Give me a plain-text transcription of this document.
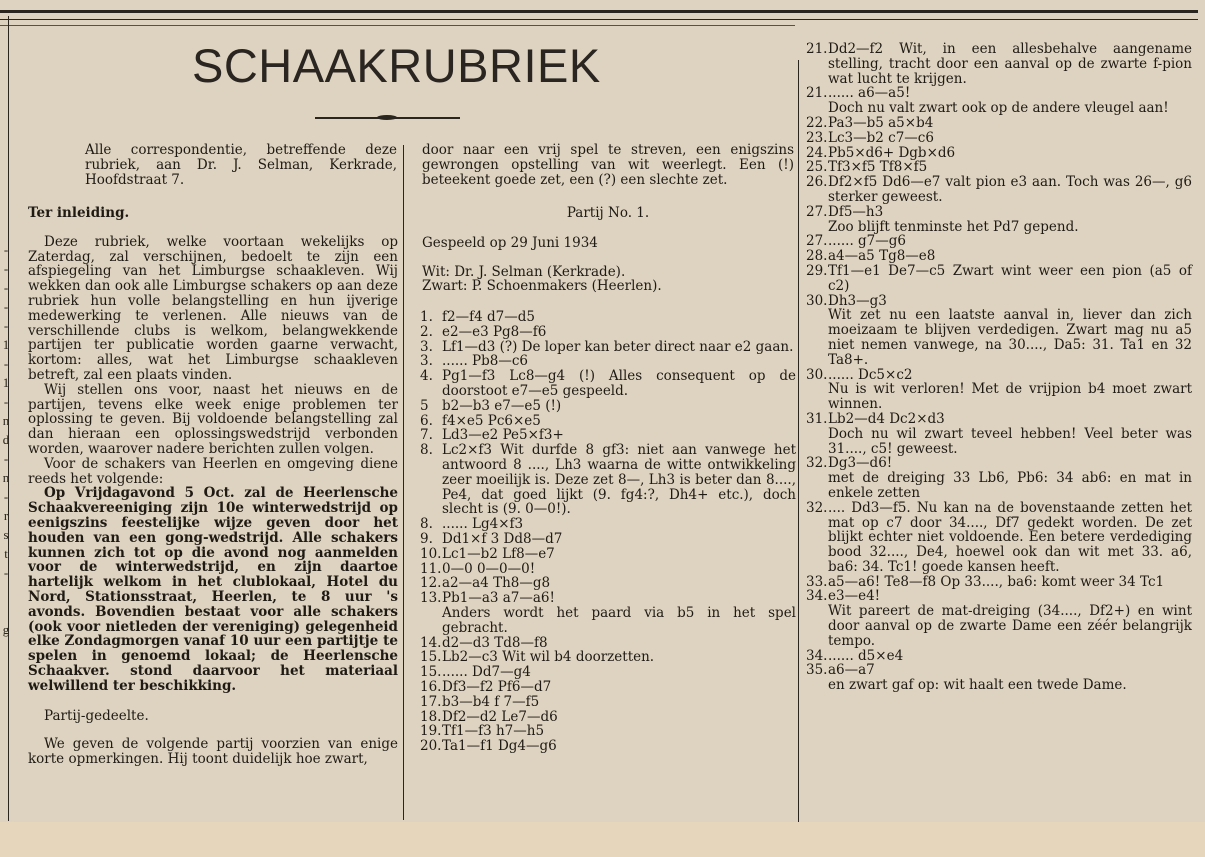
-
-
-
-
-
1
-
1
-
n
d
-
n
-
r
s
t
-
g
SCHAAKRUBRIEK

Alle correspondentie, betreffende deze rubriek, aan Dr. J. Selman, Kerkrade, Hoofdstraat 7.

Ter inleiding.

Deze rubriek, welke voortaan wekelijks op Zaterdag, zal verschijnen, bedoelt te zijn een afspiegeling van het Limburgse schaakleven. Wij wekken dan ook alle Limburgse schakers op aan deze rubriek hun volle belangstelling en hun ijverige medewerking te verlenen. Alle nieuws van de verschillende clubs is welkom, belangwekkende partijen ter publicatie worden gaarne verwacht, kortom: alles, wat het Limburgse schaakleven betreft, zal een plaats vinden.

Wij stellen ons voor, naast het nieuws en de partijen, tevens elke week enige problemen ter oplossing te geven. Bij voldoende belangstelling zal dan hieraan een oplossingswedstrijd verbonden worden, waarover nadere berichten zullen volgen.

Voor de schakers van Heerlen en omgeving diene reeds het volgende:

Op Vrijdagavond 5 Oct. zal de Heerlensche Schaakvereeniging zijn 10e winterwedstrijd op eenigszins feestelijke wijze geven door het houden van een gong-wedstrijd. Alle schakers kunnen zich tot op die avond nog aanmelden voor de winterwedstrijd, en zijn daartoe hartelijk welkom in het clublokaal, Hotel du Nord, Stationsstraat, Heerlen, te 8 uur 's avonds. Bovendien bestaat voor alle schakers (ook voor nietleden der vereniging) gelegenheid elke Zondagmorgen vanaf 10 uur een partijtje te spelen in genoemd lokaal; de Heerlensche Schaakver. stond daarvoor het materiaal welwillend ter beschikking.

Partij-gedeelte.

We geven de volgende partij voorzien van enige korte opmerkingen. Hij toont duidelijk hoe zwart,

door naar een vrij spel te streven, een enigszins gewrongen opstelling van wit weerlegt. Een (!) beteekent goede zet, een (?) een slechte zet.

Partij No. 1.

Gespeeld op 29 Juni 1934

Wit: Dr. J. Selman (Kerkrade).

Zwart: P. Schoenmakers (Heerlen).

1. f2—f4 d7—d5
2. e2—e3 Pg8—f6
3. Lf1—d3 (?) De loper kan beter direct naar e2 gaan.
3. ...... Pb8—c6
4. Pg1—f3 Lc8—g4 (!) Alles consequent op de doorstoot e7—e5 gespeeld.
5 b2—b3 e7—e5 (!)
6. f4×e5 Pc6×e5
7. Ld3—e2 Pe5×f3+
8. Lc2×f3 Wit durfde 8 gf3: niet aan vanwege het antwoord 8 ...., Lh3 waarna de witte ontwikkeling zeer moeilijk is. Deze zet 8—, Lh3 is beter dan 8...., Pe4, dat goed lijkt (9. fg4:?, Dh4+ etc.), doch slecht is (9. 0—0!).
8. ...... Lg4×f3
9. Dd1×f 3 Dd8—d7
10. Lc1—b2 Lf8—e7
11. 0—0 0—0—0!
12. a2—a4 Th8—g8
13. Pb1—a3 a7—a6!
Anders wordt het paard via b5 in het spel gebracht.
14. d2—d3 Td8—f8
15. Lb2—c3 Wit wil b4 doorzetten.
15. ...... Dd7—g4
16. Df3—f2 Pf6—d7
17. b3—b4 f 7—f5
18. Df2—d2 Le7—d6
19. Tf1—f3 h7—h5
20. Ta1—f1 Dg4—g6
21. Dd2—f2 Wit, in een allesbehalve aangename stelling, tracht door een aanval op de zwarte f-pion wat lucht te krijgen.
21. ...... a6—a5!
Doch nu valt zwart ook op de andere vleugel aan!
22. Pa3—b5 a5×b4
23. Lc3—b2 c7—c6
24. Pb5×d6+ Dgb×d6
25. Tf3×f5 Tf8×f5
26. Df2×f5 Dd6—e7 valt pion e3 aan. Toch was 26—, g6 sterker geweest.
27. Df5—h3
Zoo blijft tenminste het Pd7 gepend.
27. ...... g7—g6
28. a4—a5 Tg8—e8
29. Tf1—e1 De7—c5 Zwart wint weer een pion (a5 of c2)
30. Dh3—g3
Wit zet nu een laatste aanval in, liever dan zich moeizaam te blijven verdedigen. Zwart mag nu a5 niet nemen vanwege, na 30...., Da5: 31. Ta1 en 32 Ta8+.
30. ...... Dc5×c2
Nu is wit verloren! Met de vrijpion b4 moet zwart winnen.
31. Lb2—d4 Dc2×d3
Doch nu wil zwart teveel hebben! Veel beter was 31...., c5! geweest.
32. Dg3—d6!
met de dreiging 33 Lb6, Pb6: 34 ab6: en mat in enkele zetten
32. .... Dd3—f5. Nu kan na de bovenstaande zetten het mat op c7 door 34...., Df7 gedekt worden. De zet blijkt echter niet voldoende. Een betere verdediging bood 32...., De4, hoewel ook dan wit met 33. a6, ba6: 34. Tc1! goede kansen heeft.
33. a5—a6! Te8—f8 Op 33...., ba6: komt weer 34 Tc1
34. e3—e4!
Wit pareert de mat-dreiging (34...., Df2+) en wint door aanval op de zwarte Dame een zéér belangrijk tempo.
34. ...... d5×e4
35. a6—a7
en zwart gaf op: wit haalt een twede Dame.
